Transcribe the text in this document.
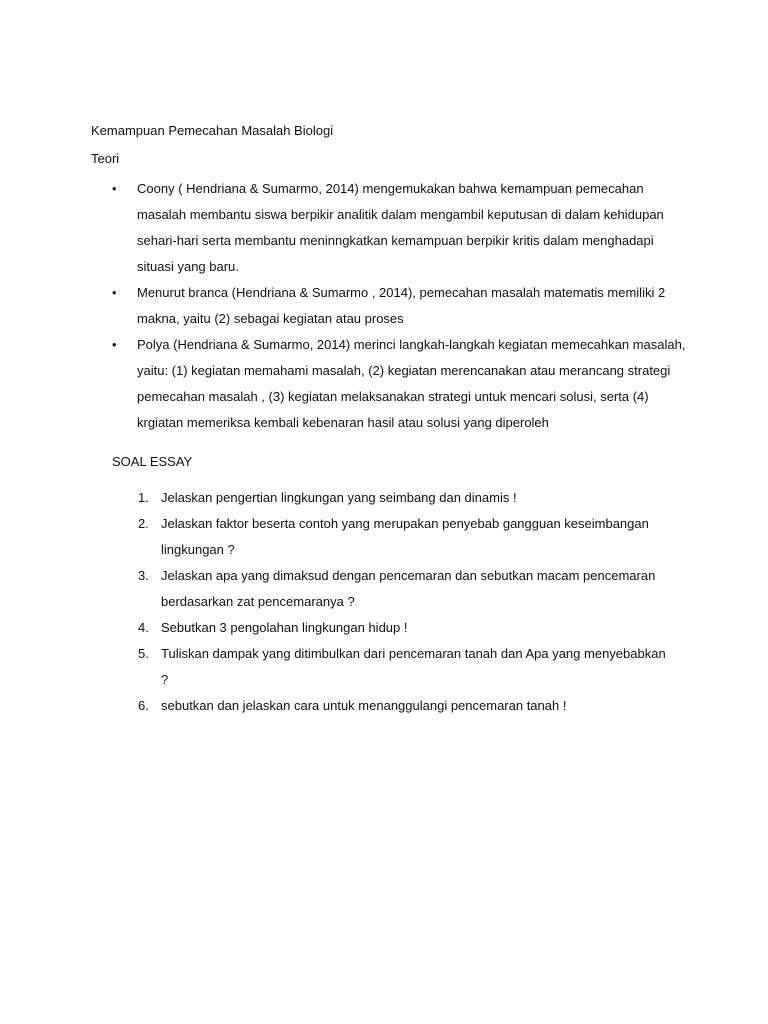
Kemampuan Pemecahan Masalah Biologi

Teori

• Coony ( Hendriana & Sumarmo, 2014) mengemukakan bahwa kemampuan pemecahan masalah membantu siswa berpikir analitik dalam mengambil keputusan di dalam kehidupan sehari-hari serta membantu meninngkatkan kemampuan berpikir kritis dalam menghadapi situasi yang baru.
• Menurut branca (Hendriana & Sumarmo , 2014), pemecahan masalah matematis memiliki 2 makna, yaitu (2) sebagai kegiatan atau proses
• Polya (Hendriana & Sumarmo, 2014) merinci langkah-langkah kegiatan memecahkan masalah, yaitu: (1) kegiatan memahami masalah, (2) kegiatan merencanakan atau merancang strategi pemecahan masalah , (3) kegiatan melaksanakan strategi untuk mencari solusi, serta (4) krgiatan memeriksa kembali kebenaran hasil atau solusi yang diperoleh

SOAL ESSAY

1. Jelaskan pengertian lingkungan yang seimbang dan dinamis !
2. Jelaskan faktor beserta contoh yang merupakan penyebab gangguan keseimbangan lingkungan ?
3. Jelaskan apa yang dimaksud dengan pencemaran dan sebutkan macam pencemaran berdasarkan zat pencemaranya ?
4. Sebutkan 3 pengolahan lingkungan hidup !
5. Tuliskan dampak yang ditimbulkan dari pencemaran tanah dan Apa yang menyebabkan ?
6. sebutkan dan jelaskan cara untuk menanggulangi pencemaran tanah !
